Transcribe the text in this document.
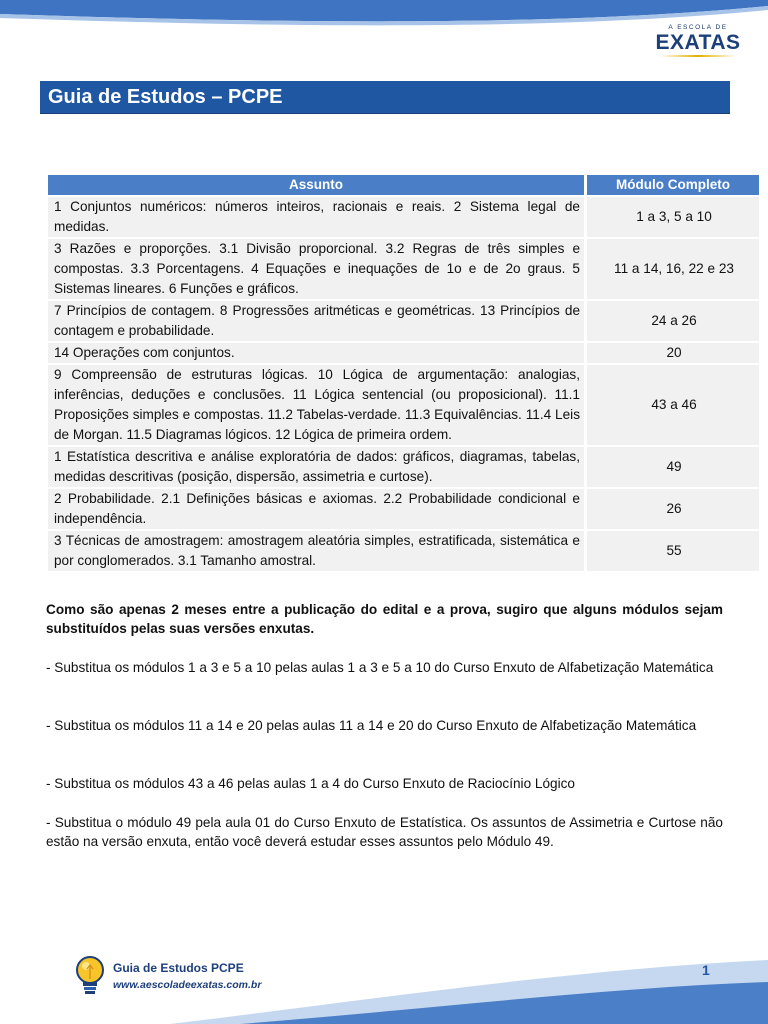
A ESCOLA DE
EXATAS
Guia de Estudos – PCPE
Assunto	Módulo Completo
1 Conjuntos numéricos: números inteiros, racionais e reais. 2 Sistema legal de medidas.	1 a 3, 5 a 10
3 Razões e proporções. 3.1 Divisão proporcional. 3.2 Regras de três simples e compostas. 3.3 Porcentagens. 4 Equações e inequações de 1o e de 2o graus. 5 Sistemas lineares. 6 Funções e gráficos.	11 a 14, 16, 22 e 23
7 Princípios de contagem. 8 Progressões aritméticas e geométricas. 13 Princípios de contagem e probabilidade.	24 a 26
14 Operações com conjuntos.	20
9 Compreensão de estruturas lógicas. 10 Lógica de argumentação: analogias, inferências, deduções e conclusões. 11 Lógica sentencial (ou proposicional). 11.1 Proposições simples e compostas. 11.2 Tabelas-verdade. 11.3 Equivalências. 11.4 Leis de Morgan. 11.5 Diagramas lógicos. 12 Lógica de primeira ordem.	43 a 46
1 Estatística descritiva e análise exploratória de dados: gráficos, diagramas, tabelas, medidas descritivas (posição, dispersão, assimetria e curtose).	49
2 Probabilidade. 2.1 Definições básicas e axiomas. 2.2 Probabilidade condicional e independência.	26
3 Técnicas de amostragem: amostragem aleatória simples, estratificada, sistemática e por conglomerados. 3.1 Tamanho amostral.	55
Como são apenas 2 meses entre a publicação do edital e a prova, sugiro que alguns módulos sejam substituídos pelas suas versões enxutas.
- Substitua os módulos 1 a 3 e 5 a 10 pelas aulas 1 a 3 e 5 a 10 do Curso Enxuto de Alfabetização Matemática
- Substitua os módulos 11 a 14 e 20 pelas aulas 11 a 14 e 20 do Curso Enxuto de Alfabetização Matemática
- Substitua os módulos 43 a 46 pelas aulas 1 a 4 do Curso Enxuto de Raciocínio Lógico
- Substitua o módulo 49 pela aula 01 do Curso Enxuto de Estatística. Os assuntos de Assimetria e Curtose não estão na versão enxuta, então você deverá estudar esses assuntos pelo Módulo 49.
Guia de Estudos PCPE
www.aescoladeexatas.com.br
1
